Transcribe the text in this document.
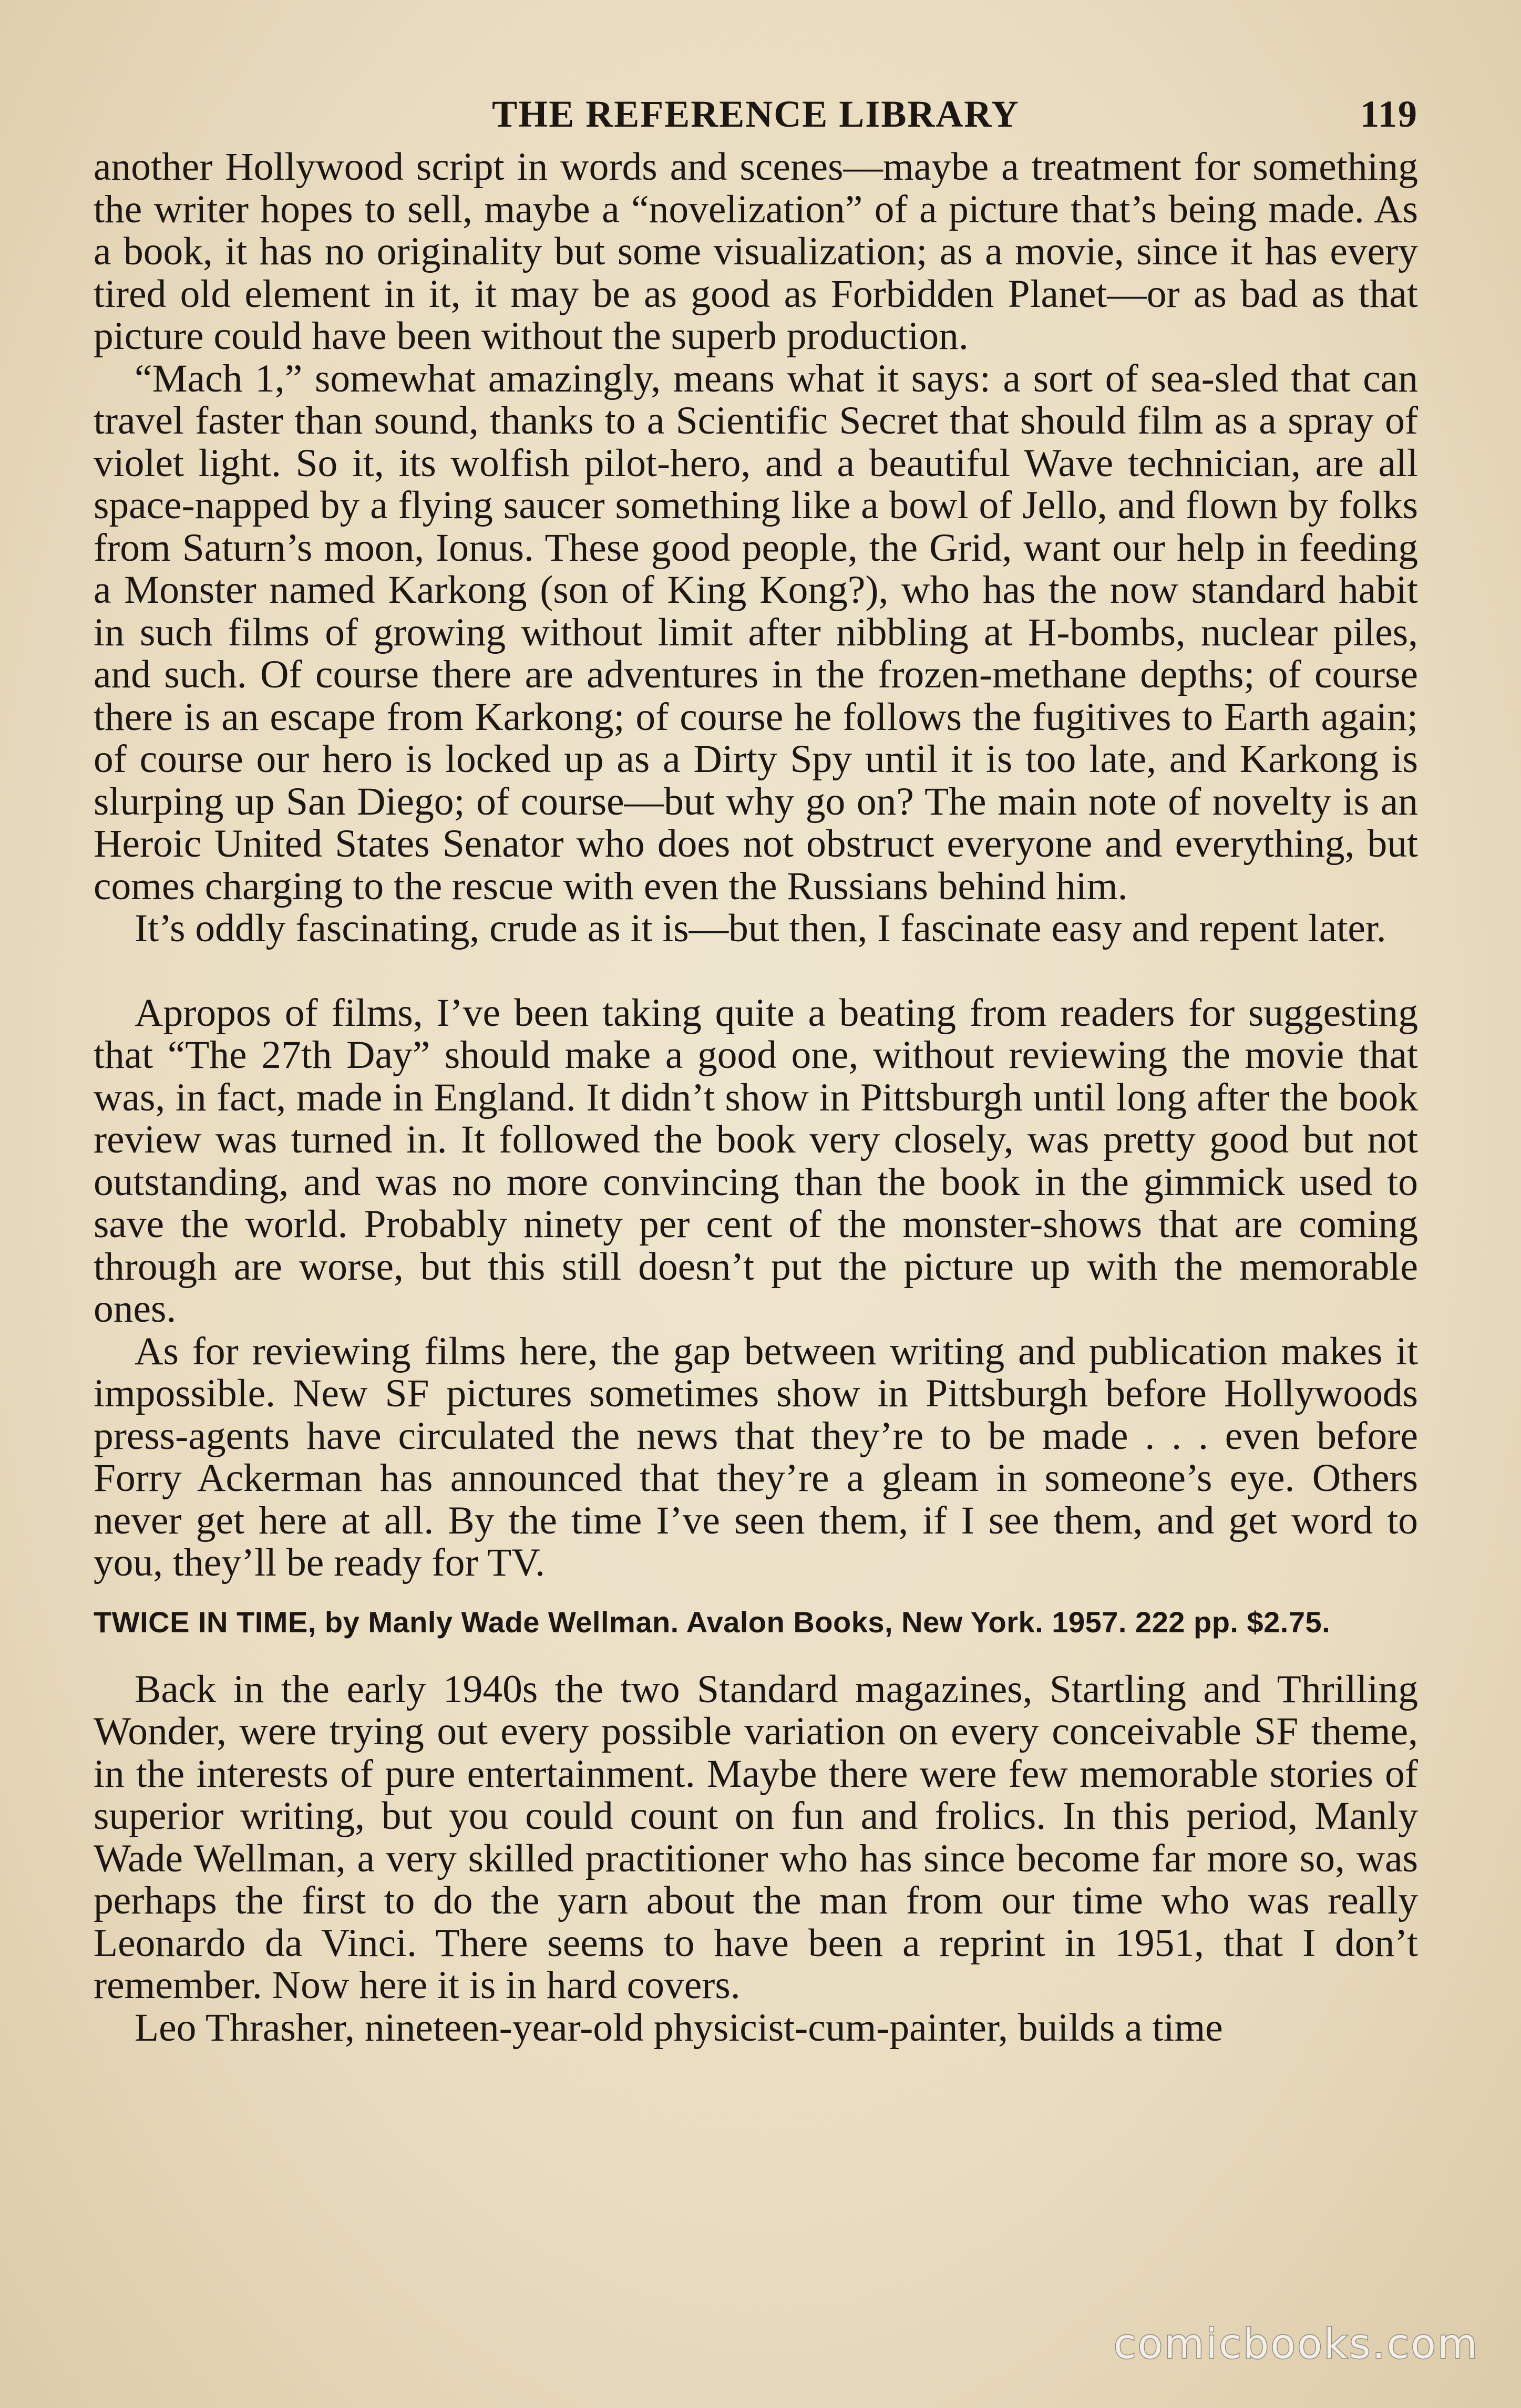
THE REFERENCE LIBRARY	119

another Hollywood script in words and scenes—maybe a treatment for something the writer hopes to sell, maybe a “novelization” of a picture that’s being made. As a book, it has no originality but some visualization; as a movie, since it has every tired old element in it, it may be as good as Forbidden Planet—or as bad as that picture could have been without the superb production.

“Mach 1,” somewhat amazingly, means what it says: a sort of sea-sled that can travel faster than sound, thanks to a Scientific Secret that should film as a spray of violet light. So it, its wolfish pilot-hero, and a beautiful Wave technician, are all space-napped by a flying saucer something like a bowl of Jello, and flown by folks from Saturn’s moon, Ionus. These good people, the Grid, want our help in feeding a Monster named Karkong (son of King Kong?), who has the now standard habit in such films of growing without limit after nibbling at H-bombs, nuclear piles, and such. Of course there are adventures in the frozen-methane depths; of course there is an escape from Karkong; of course he follows the fugitives to Earth again; of course our hero is locked up as a Dirty Spy until it is too late, and Karkong is slurping up San Diego; of course—but why go on? The main note of novelty is an Heroic United States Senator who does not obstruct everyone and everything, but comes charging to the rescue with even the Russians behind him.

It’s oddly fascinating, crude as it is—but then, I fascinate easy and repent later.

Apropos of films, I’ve been taking quite a beating from readers for suggesting that “The 27th Day” should make a good one, without reviewing the movie that was, in fact, made in England. It didn’t show in Pittsburgh until long after the book review was turned in. It followed the book very closely, was pretty good but not outstanding, and was no more convincing than the book in the gimmick used to save the world. Probably ninety per cent of the monster-shows that are coming through are worse, but this still doesn’t put the picture up with the memorable ones.

As for reviewing films here, the gap between writing and publication makes it impossible. New SF pictures sometimes show in Pittsburgh before Hollywoods press-agents have circulated the news that they’re to be made . . . even before Forry Ackerman has announced that they’re a gleam in someone’s eye. Others never get here at all. By the time I’ve seen them, if I see them, and get word to you, they’ll be ready for TV.

TWICE IN TIME, by Manly Wade Wellman. Avalon Books, New York. 1957. 222 pp. $2.75.

Back in the early 1940s the two Standard magazines, Startling and Thrilling Wonder, were trying out every possible variation on every conceivable SF theme, in the interests of pure entertainment. Maybe there were few memorable stories of superior writing, but you could count on fun and frolics. In this period, Manly Wade Wellman, a very skilled practitioner who has since become far more so, was perhaps the first to do the yarn about the man from our time who was really Leonardo da Vinci. There seems to have been a reprint in 1951, that I don’t remember. Now here it is in hard covers.

Leo Thrasher, nineteen-year-old physicist-cum-painter, builds a time

comicbooks.com
